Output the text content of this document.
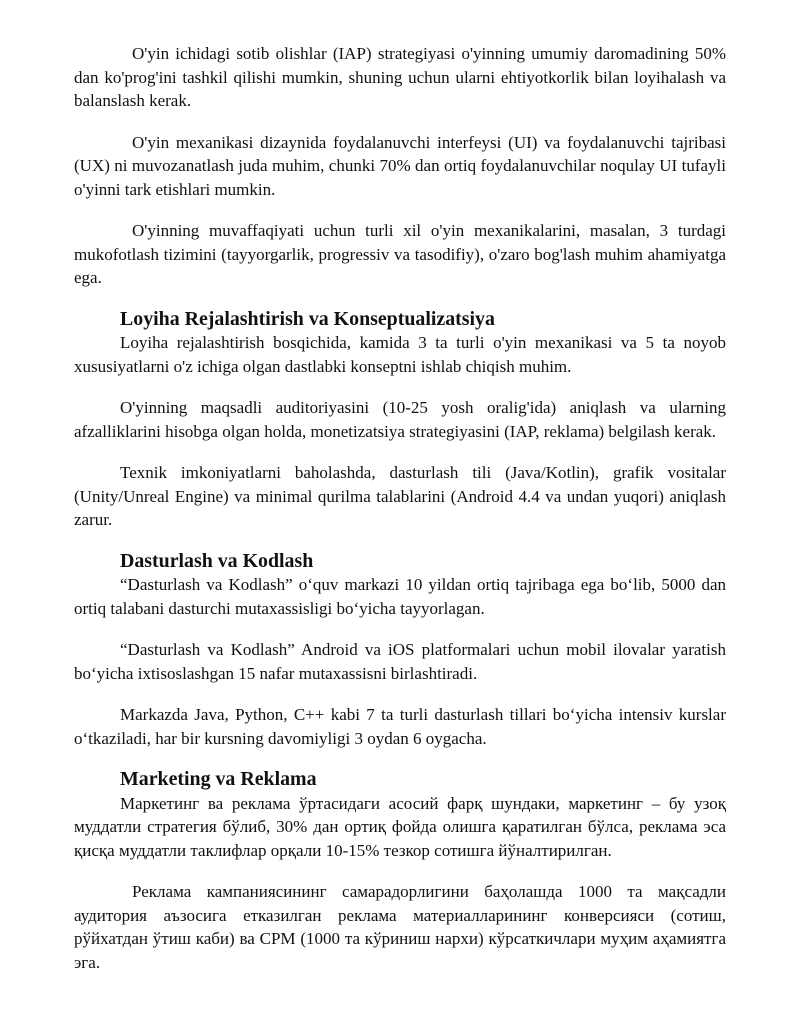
O'yin ichidagi sotib olishlar (IAP) strategiyasi o'yinning umumiy daromadining 50% dan ko'prog'ini tashkil qilishi mumkin, shuning uchun ularni ehtiyotkorlik bilan loyihalash va balanslash kerak.

O'yin mexanikasi dizaynida foydalanuvchi interfeysi (UI) va foydalanuvchi tajribasi (UX) ni muvozanatlash juda muhim, chunki 70% dan ortiq foydalanuvchilar noqulay UI tufayli o'yinni tark etishlari mumkin.

O'yinning muvaffaqiyati uchun turli xil o'yin mexanikalarini, masalan, 3 turdagi mukofotlash tizimini (tayyorgarlik, progressiv va tasodifiy), o'zaro bog'lash muhim ahamiyatga ega.

Loyiha Rejalashtirish va Konseptualizatsiya

Loyiha rejalashtirish bosqichida, kamida 3 ta turli o'yin mexanikasi va 5 ta noyob xususiyatlarni o'z ichiga olgan dastlabki konseptni ishlab chiqish muhim.

O'yinning maqsadli auditoriyasini (10-25 yosh oralig'ida) aniqlash va ularning afzalliklarini hisobga olgan holda, monetizatsiya strategiyasini (IAP, reklama) belgilash kerak.

Texnik imkoniyatlarni baholashda, dasturlash tili (Java/Kotlin), grafik vositalar (Unity/Unreal Engine) va minimal qurilma talablarini (Android 4.4 va undan yuqori) aniqlash zarur.

Dasturlash va Kodlash

“Dasturlash va Kodlash” o‘quv markazi 10 yildan ortiq tajribaga ega bo‘lib, 5000 dan ortiq talabani dasturchi mutaxassisligi bo‘yicha tayyorlagan.

“Dasturlash va Kodlash” Android va iOS platformalari uchun mobil ilovalar yaratish bo‘yicha ixtisoslashgan 15 nafar mutaxassisni birlashtiradi.

Markazda Java, Python, C++ kabi 7 ta turli dasturlash tillari bo‘yicha intensiv kurslar o‘tkaziladi, har bir kursning davomiyligi 3 oydan 6 oygacha.

Marketing va Reklama

Маркетинг ва реклама ўртасидаги асосий фарқ шундаки, маркетинг – бу узоқ муддатли стратегия бўлиб, 30% дан ортиқ фойда олишга қаратилган бўлса, реклама эса қисқа муддатли таклифлар орқали 10-15% тезкор сотишга йўналтирилган.

Реклама кампаниясининг самарадорлигини баҳолашда 1000 та мақсадли аудитория аъзосига етказилган реклама материалларининг конверсияси (сотиш, рўйхатдан ўтиш каби) ва CPM (1000 та кўриниш нархи) кўрсаткичлари муҳим аҳамиятга эга.
